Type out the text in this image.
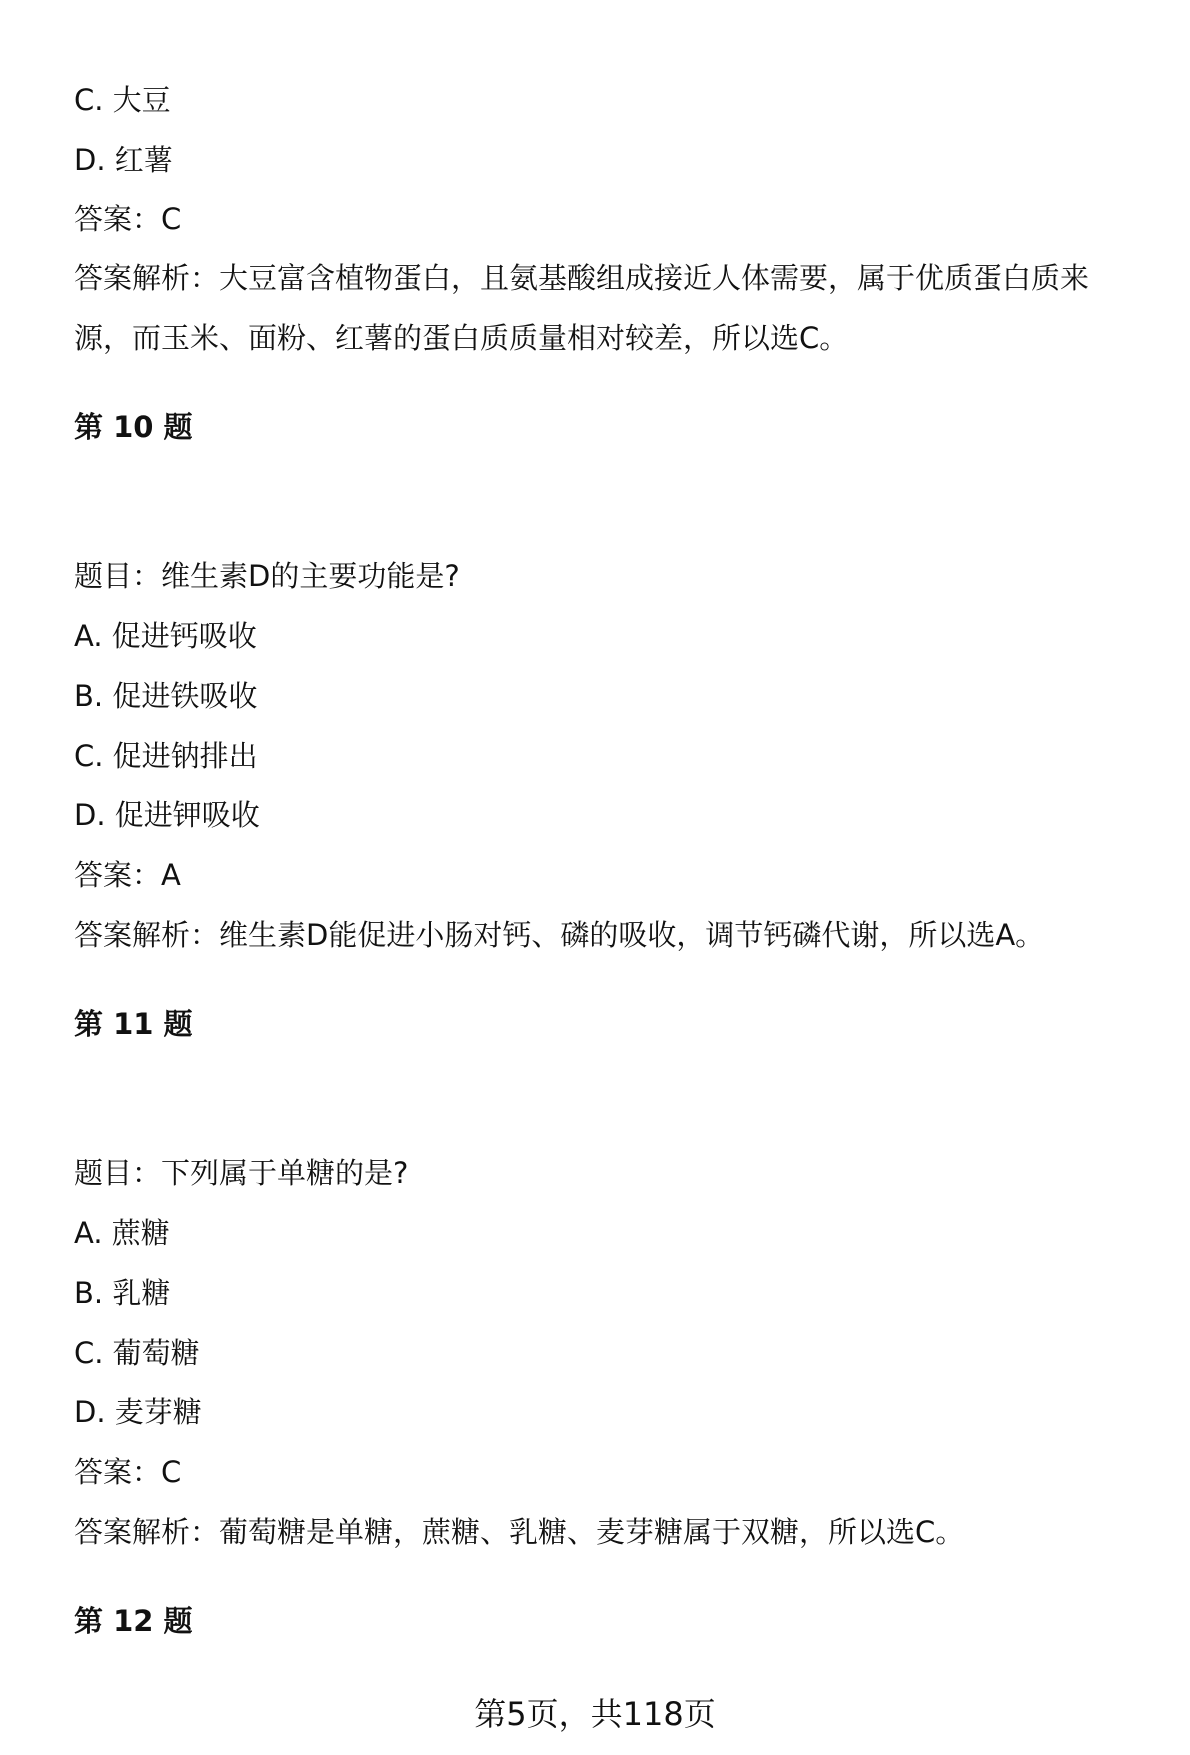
C. 大豆
D. 红薯
答案：C
答案解析：大豆富含植物蛋白，且氨基酸组成接近人体需要，属于优质蛋白质来源，而玉米、面粉、红薯的蛋白质质量相对较差，所以选C。
第 10 题
题目：维生素D的主要功能是?
A. 促进钙吸收
B. 促进铁吸收
C. 促进钠排出
D. 促进钾吸收
答案：A
答案解析：维生素D能促进小肠对钙、磷的吸收，调节钙磷代谢，所以选A。
第 11 题
题目：下列属于单糖的是?
A. 蔗糖
B. 乳糖
C. 葡萄糖
D. 麦芽糖
答案：C
答案解析：葡萄糖是单糖，蔗糖、乳糖、麦芽糖属于双糖，所以选C。
第 12 题
第5页，共118页
